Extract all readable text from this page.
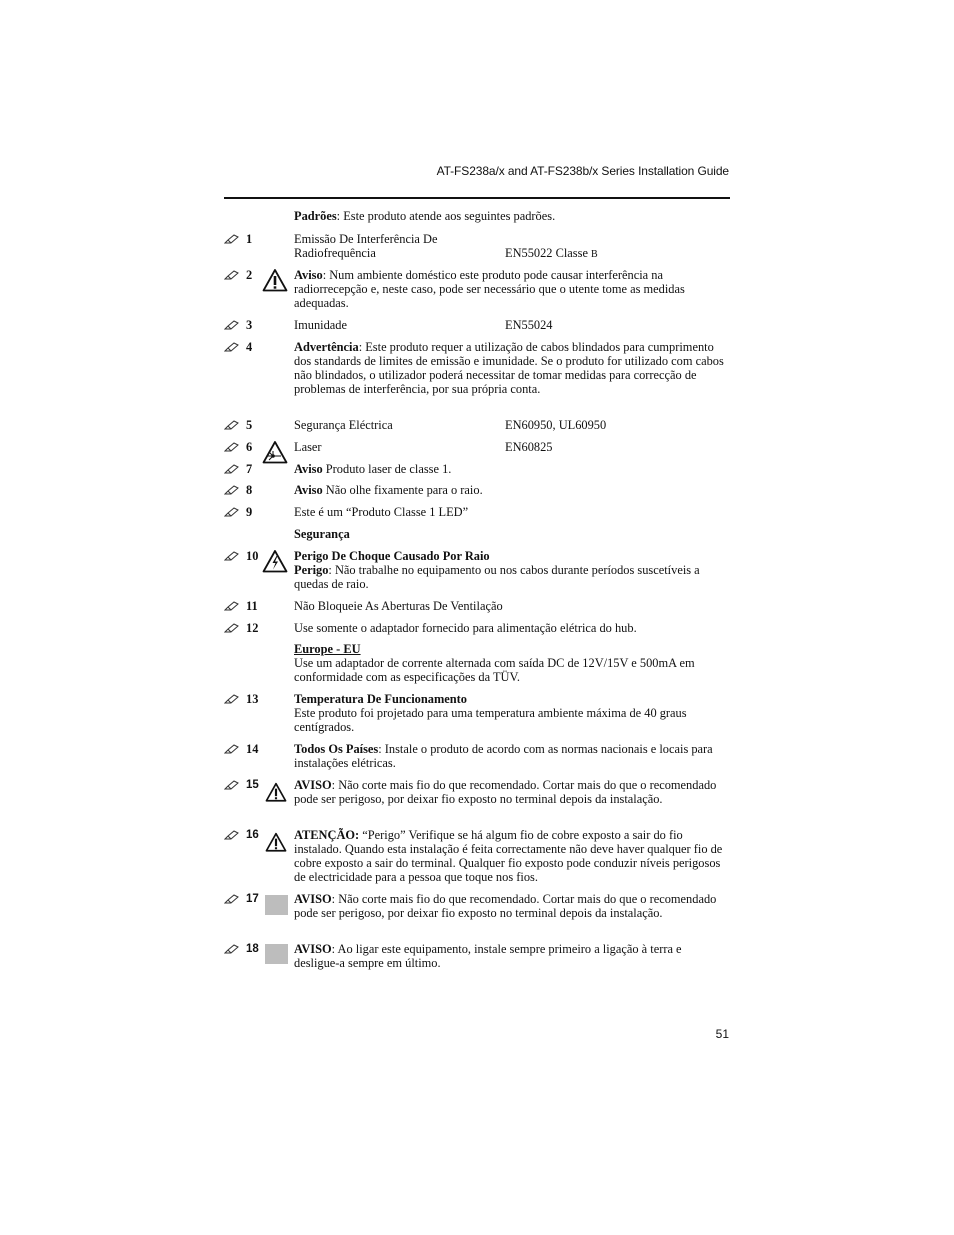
AT-FS238a/x and AT-FS238b/x Series Installation Guide
Padrões: Este produto atende aos seguintes padrões.
1	Emissão De Interferência De Radiofrequência	EN55022 Classe B
2	Aviso: Num ambiente doméstico este produto pode causar interferência na radiorrecepção e, neste caso, pode ser necessário que o utente tome as medidas adequadas.
3	Imunidade	EN55024
4	Advertência: Este produto requer a utilização de cabos blindados para cumprimento dos standards de limites de emissão e imunidade. Se o produto for utilizado com cabos não blindados, o utilizador poderá necessitar de tomar medidas para correcção de problemas de interferência, por sua própria conta.
5	Segurança Eléctrica	EN60950, UL60950
6	Laser	EN60825
7	Aviso Produto laser de classe 1.
8	Aviso Não olhe fixamente para o raio.
9	Este é um “Produto Classe 1 LED”
Segurança
10	Perigo De Choque Causado Por Raio
Perigo: Não trabalhe no equipamento ou nos cabos durante períodos suscetíveis a quedas de raio.
11	Não Bloqueie As Aberturas De Ventilação
12	Use somente o adaptador fornecido para alimentação elétrica do hub.
Europe - EU
Use um adaptador de corrente alternada com saída DC de 12V/15V e 500mA em conformidade com as especificações da TÜV.
13	Temperatura De Funcionamento
Este produto foi projetado para uma temperatura ambiente máxima de 40 graus centígrados.
14	Todos Os Países: Instale o produto de acordo com as normas nacionais e locais para instalações elétricas.
15	AVISO: Não corte mais fio do que recomendado. Cortar mais do que o recomendado pode ser perigoso, por deixar fio exposto no terminal depois da instalação.
16	ATENÇÃO: “Perigo” Verifique se há algum fio de cobre exposto a sair do fio instalado. Quando esta instalação é feita correctamente não deve haver qualquer fio de cobre exposto a sair do terminal. Qualquer fio exposto pode conduzir níveis perigosos de electricidade para a pessoa que toque nos fios.
17	AVISO: Não corte mais fio do que recomendado. Cortar mais do que o recomendado pode ser perigoso, por deixar fio exposto no terminal depois da instalação.
18	AVISO: Ao ligar este equipamento, instale sempre primeiro a ligação à terra e desligue-a sempre em último.
51
